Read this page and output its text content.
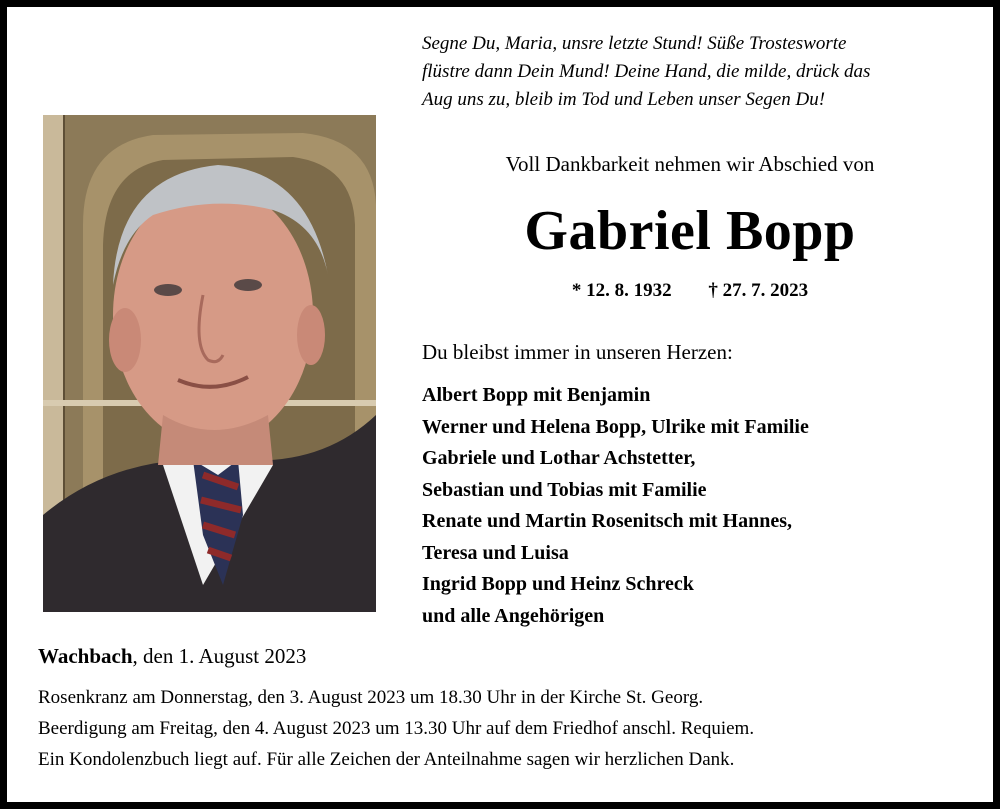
Segne Du, Maria, unsre letzte Stund! Süße Trostesworte
flüstre dann Dein Mund! Deine Hand, die milde, drück das
Aug uns zu, bleib im Tod und Leben unser Segen Du!
Voll Dankbarkeit nehmen wir Abschied von
Gabriel Bopp
* 12. 8. 1932 † 27. 7. 2023
Du bleibst immer in unseren Herzen:
Albert Bopp mit Benjamin
Werner und Helena Bopp, Ulrike mit Familie
Gabriele und Lothar Achstetter,
Sebastian und Tobias mit Familie
Renate und Martin Rosenitsch mit Hannes,
Teresa und Luisa
Ingrid Bopp und Heinz Schreck
und alle Angehörigen
Wachbach, den 1. August 2023
Rosenkranz am Donnerstag, den 3. August 2023 um 18.30 Uhr in der Kirche St. Georg.
Beerdigung am Freitag, den 4. August 2023 um 13.30 Uhr auf dem Friedhof anschl. Requiem.
Ein Kondolenzbuch liegt auf. Für alle Zeichen der Anteilnahme sagen wir herzlichen Dank.
